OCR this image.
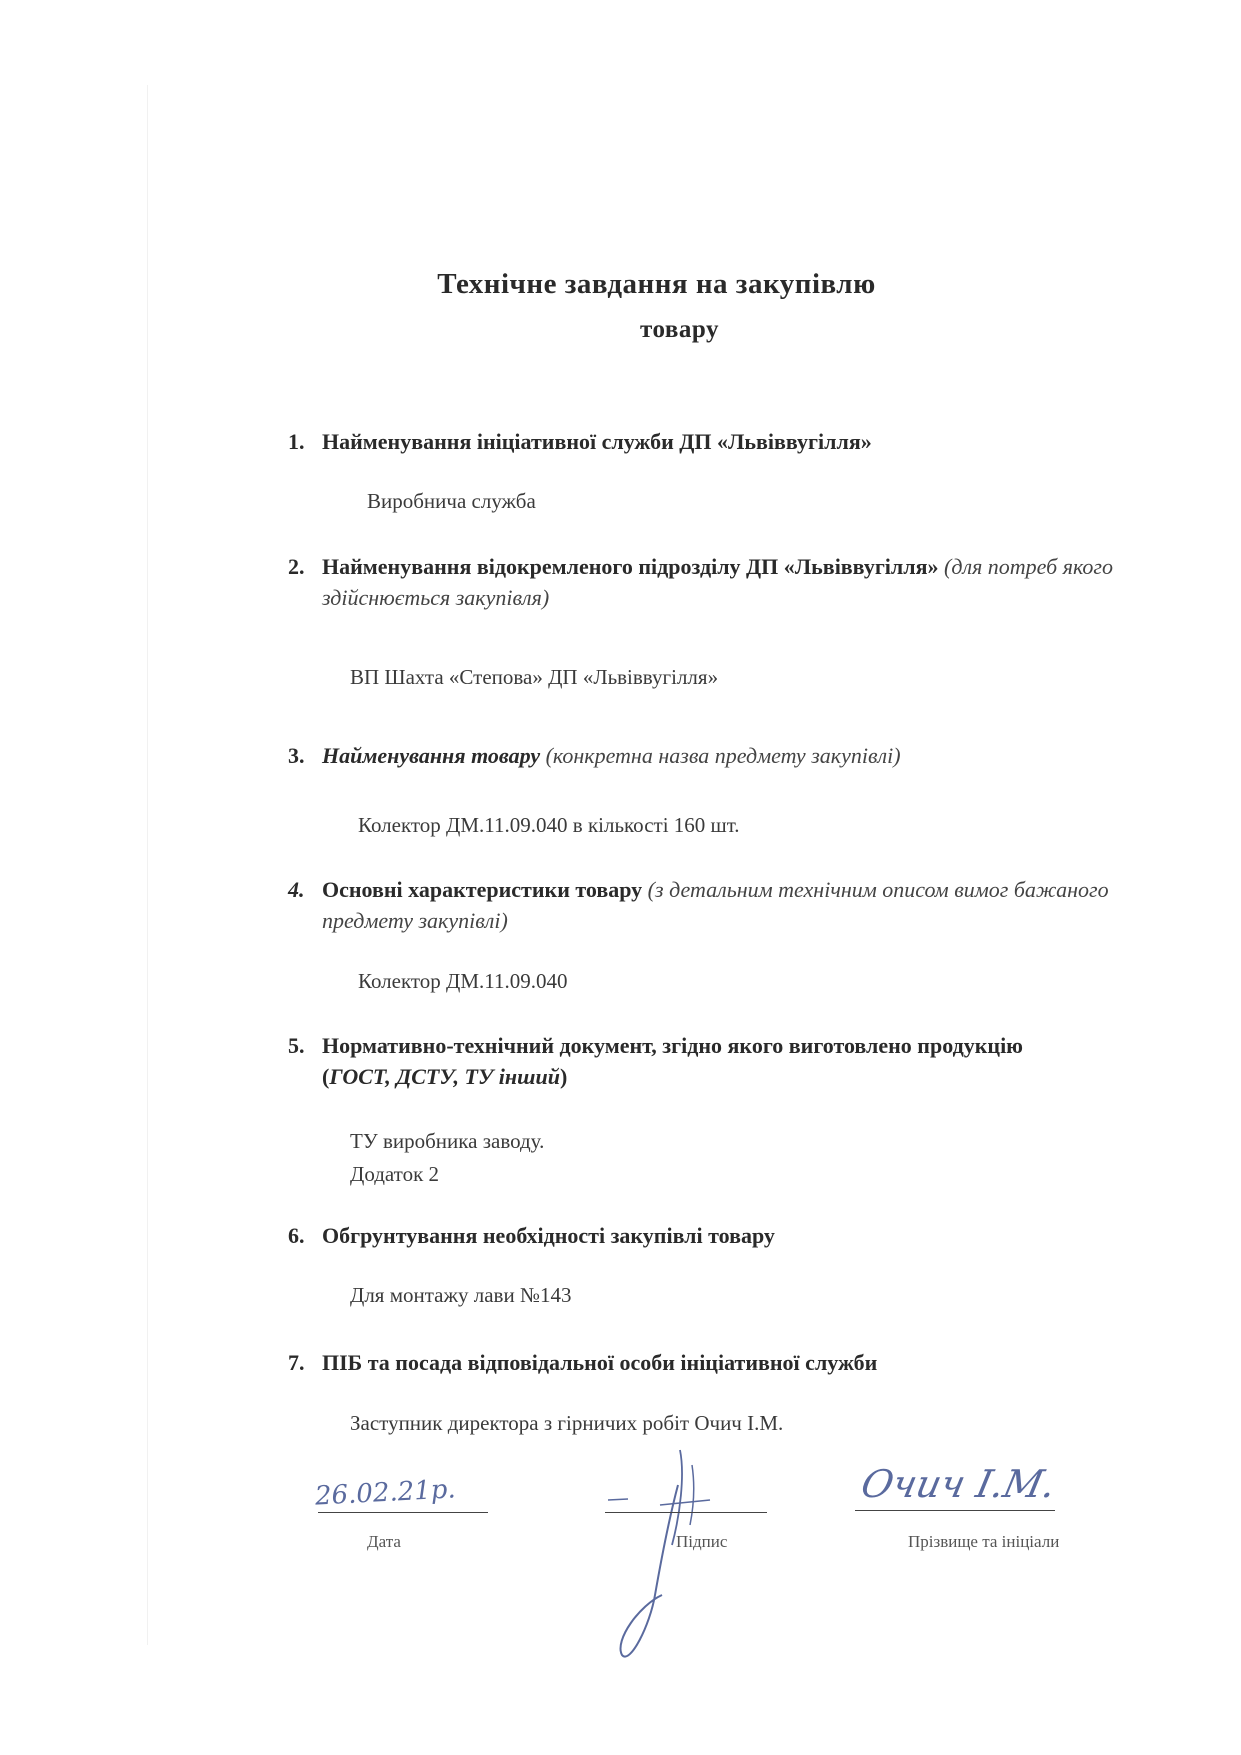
Технічне завдання на закупівлю
товару
1. Найменування ініціативної служби ДП «Львіввугілля»
Виробнича служба
2. Найменування відокремленого підрозділу ДП «Львіввугілля» (для потреб якого здійснюється закупівля)
ВП Шахта «Степова» ДП «Львіввугілля»
3. Найменування товару (конкретна назва предмету закупівлі)
Колектор ДМ.11.09.040 в кількості 160 шт.
4. Основні характеристики товару (з детальним технічним описом вимог бажаного предмету закупівлі)
Колектор ДМ.11.09.040
5. Нормативно-технічний документ, згідно якого виготовлено продукцію (ГОСТ, ДСТУ, ТУ інший)
ТУ виробника заводу.
Додаток 2
6. Обгрунтування необхідності закупівлі товару
Для монтажу лави №143
7. ПІБ та посада відповідальної особи ініціативної служби
Заступник директора з гірничих робіт Очич І.М.
26.02.21р.
Дата	Підпис
Очич І.М.
Прізвище та ініціали
